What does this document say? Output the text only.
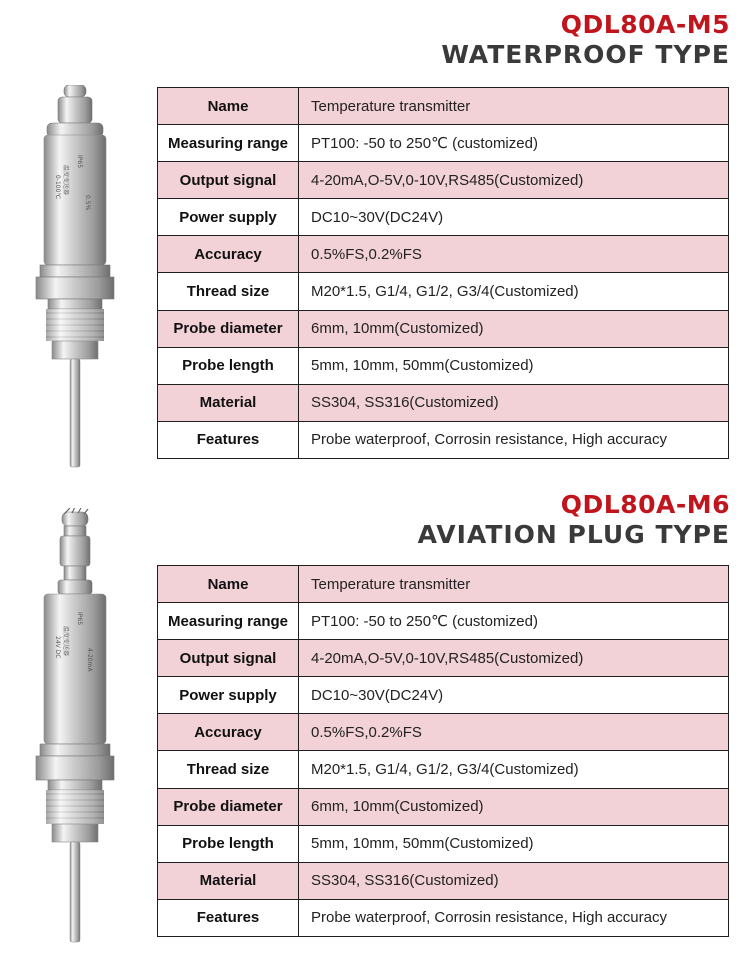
IP65
温度变送器
0-100℃
0.5%
QDL80A-M5
WATERPROOF TYPE
Name	Temperature transmitter
Measuring range	PT100: -50 to 250℃ (customized)
Output signal	4-20mA,O-5V,0-10V,RS485(Customized)
Power supply	DC10~30V(DC24V)
Accuracy	0.5%FS,0.2%FS
Thread size	M20*1.5, G1/4, G1/2, G3/4(Customized)
Probe diameter	6mm, 10mm(Customized)
Probe length	5mm, 10mm, 50mm(Customized)
Material	SS304, SS316(Customized)
Features	Probe waterproof, Corrosin resistance, High accuracy
IP65
温度变送器
24V DC
4-20mA
QDL80A-M6
AVIATION PLUG TYPE
Name	Temperature transmitter
Measuring range	PT100: -50 to 250℃ (customized)
Output signal	4-20mA,O-5V,0-10V,RS485(Customized)
Power supply	DC10~30V(DC24V)
Accuracy	0.5%FS,0.2%FS
Thread size	M20*1.5, G1/4, G1/2, G3/4(Customized)
Probe diameter	6mm, 10mm(Customized)
Probe length	5mm, 10mm, 50mm(Customized)
Material	SS304, SS316(Customized)
Features	Probe waterproof, Corrosin resistance, High accuracy
